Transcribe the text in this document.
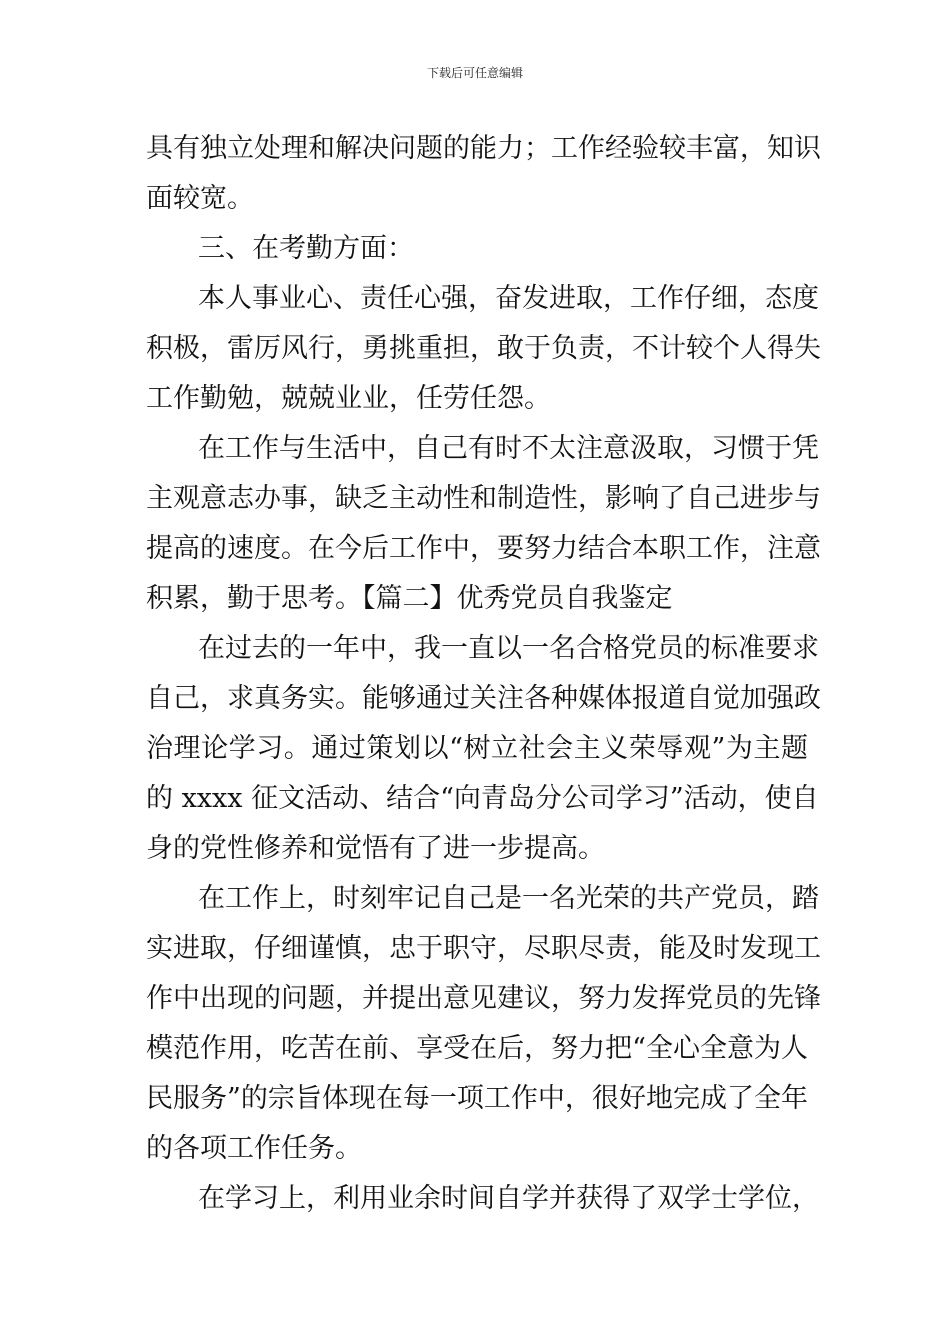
下载后可任意编辑
具有独立处理和解决问题的能力；工作经验较丰富，知识
面较宽。
三、在考勤方面：
本人事业心、责任心强，奋发进取，工作仔细，态度
积极，雷厉风行，勇挑重担，敢于负责，不计较个人得失
工作勤勉，兢兢业业，任劳任怨。
在工作与生活中，自己有时不太注意汲取，习惯于凭
主观意志办事，缺乏主动性和制造性，影响了自己进步与
提高的速度。在今后工作中，要努力结合本职工作，注意
积累，勤于思考。【篇二】优秀党员自我鉴定
在过去的一年中，我一直以一名合格党员的标准要求
自己，求真务实。能够通过关注各种媒体报道自觉加强政
治理论学习。通过策划以“树立社会主义荣辱观”为主题
的 xxxx 征文活动、结合“向青岛分公司学习”活动，使自
身的党性修养和觉悟有了进一步提高。
在工作上，时刻牢记自己是一名光荣的共产党员，踏
实进取，仔细谨慎，忠于职守，尽职尽责，能及时发现工
作中出现的问题，并提出意见建议，努力发挥党员的先锋
模范作用，吃苦在前、享受在后，努力把“全心全意为人
民服务”的宗旨体现在每一项工作中，很好地完成了全年
的各项工作任务。
在学习上，利用业余时间自学并获得了双学士学位，
